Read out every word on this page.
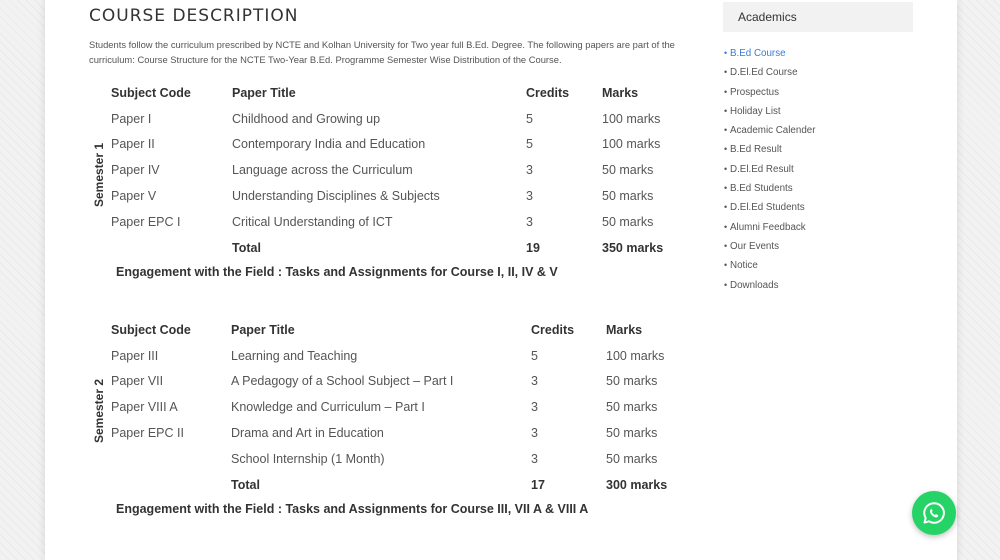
COURSE DESCRIPTION

Students follow the curriculum prescribed by NCTE and Kolhan University for Two year full B.Ed. Degree. The following papers are part of the curriculum: Course Structure for the NCTE Two-Year B.Ed. Programme Semester Wise Distribution of the Course.

Semester 1
Subject Code	Paper Title	Credits	Marks
Paper I	Childhood and Growing up	5	100 marks
Paper II	Contemporary India and Education	5	100 marks
Paper IV	Language across the Curriculum	3	50 marks
Paper V	Understanding Disciplines & Subjects	3	50 marks
Paper EPC I	Critical Understanding of ICT	3	50 marks
	Total	19	350 marks

Engagement with the Field : Tasks and Assignments for Course I, II, IV & V

Semester 2
Subject Code	Paper Title	Credits	Marks
Paper III	Learning and Teaching	5	100 marks
Paper VII	A Pedagogy of a School Subject – Part I	3	50 marks
Paper VIII A	Knowledge and Curriculum – Part I	3	50 marks
Paper EPC II	Drama and Art in Education	3	50 marks
	School Internship (1 Month)	3	50 marks
	Total	17	300 marks

Engagement with the Field : Tasks and Assignments for Course III, VII A & VIII A

Academics
• B.Ed Course
• D.El.Ed Course
• Prospectus
• Holiday List
• Academic Calender
• B.Ed Result
• D.El.Ed Result
• B.Ed Students
• D.El.Ed Students
• Alumni Feedback
• Our Events
• Notice
• Downloads
